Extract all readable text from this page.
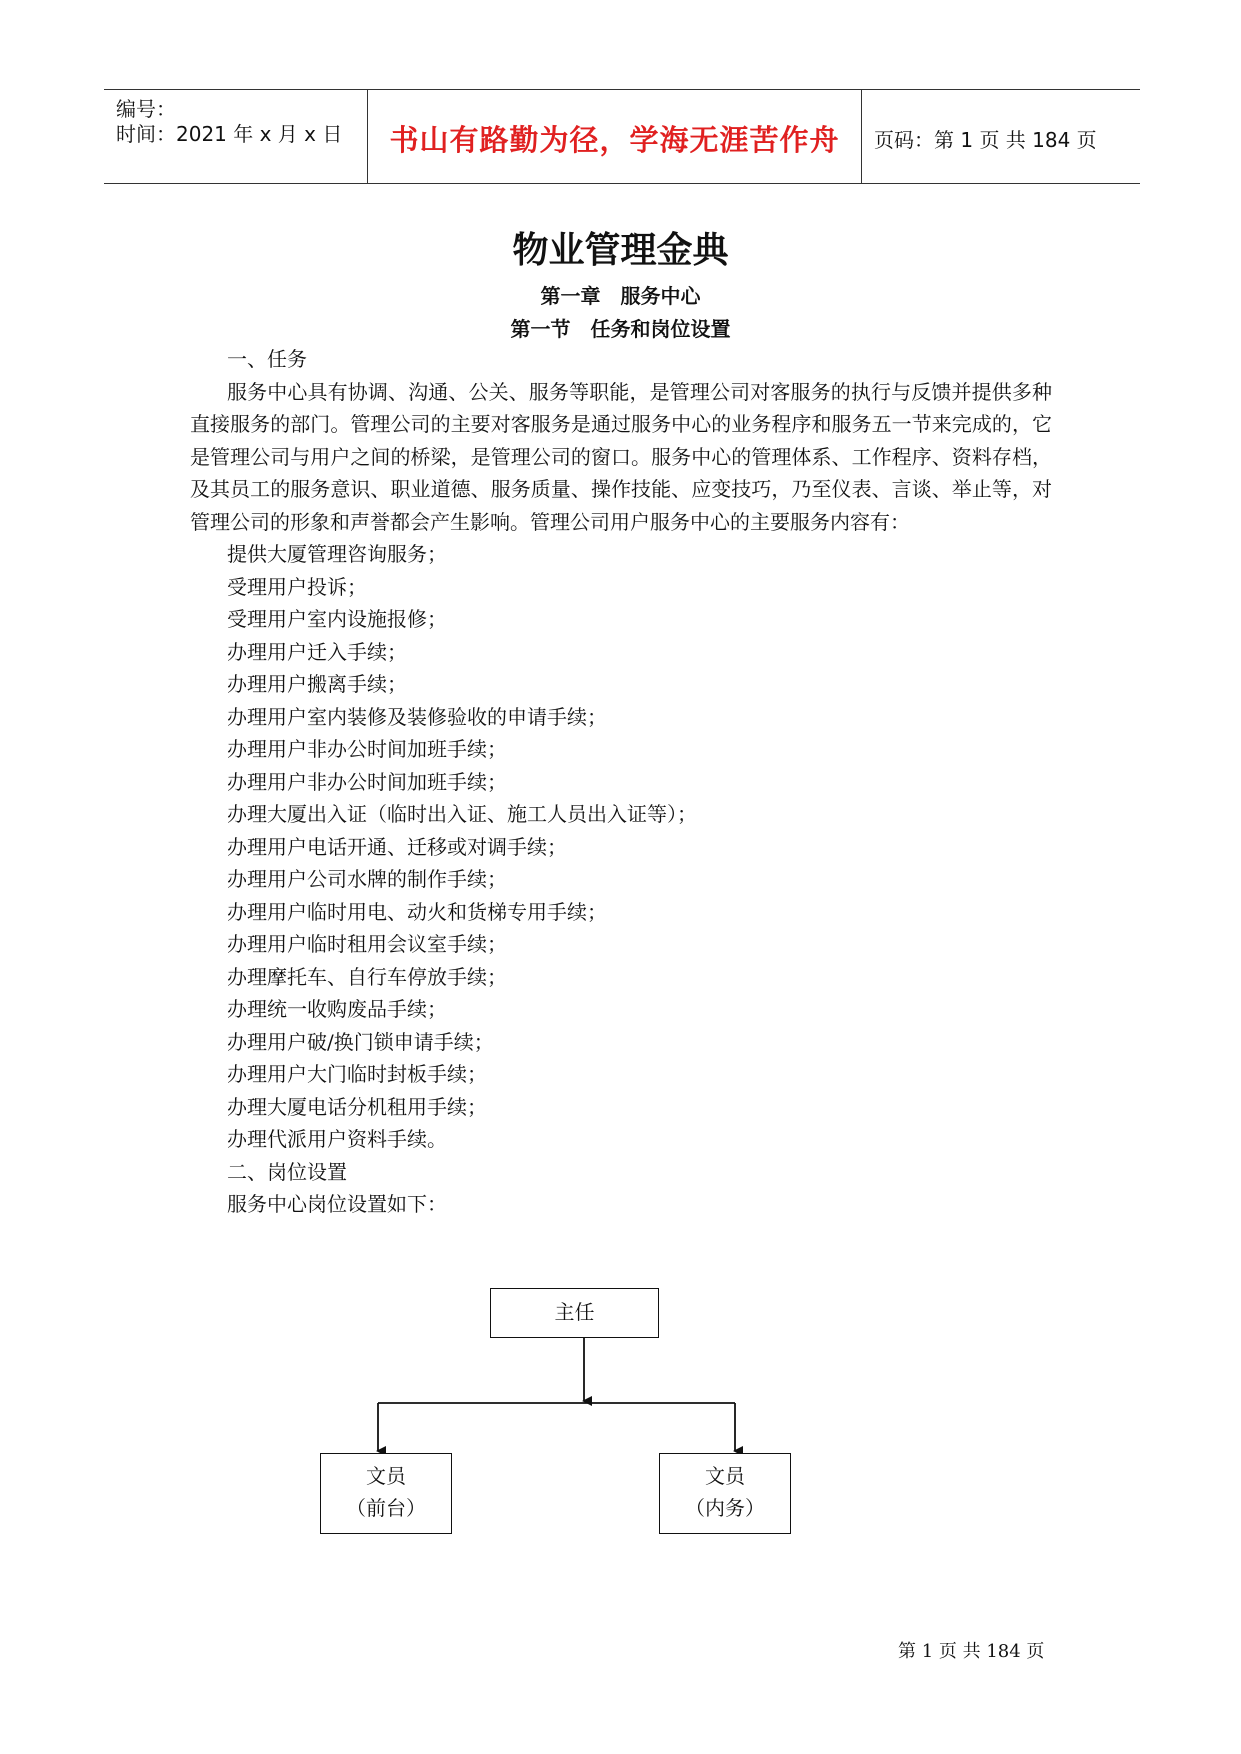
编号：
时间：2021 年 x 月 x 日	书山有路勤为径，学海无涯苦作舟	页码：第 1 页 共 184 页
物业管理金典
第一章　服务中心
第一节　任务和岗位设置

一、任务

服务中心具有协调、沟通、公关、服务等职能，是管理公司对客服务的执行与反馈并提供多种直接服务的部门。管理公司的主要对客服务是通过服务中心的业务程序和服务五一节来完成的，它是管理公司与用户之间的桥梁，是管理公司的窗口。服务中心的管理体系、工作程序、资料存档，及其员工的服务意识、职业道德、服务质量、操作技能、应变技巧，乃至仪表、言谈、举止等，对管理公司的形象和声誉都会产生影响。管理公司用户服务中心的主要服务内容有：

提供大厦管理咨询服务；

受理用户投诉；

受理用户室内设施报修；

办理用户迁入手续；

办理用户搬离手续；

办理用户室内装修及装修验收的申请手续；

办理用户非办公时间加班手续；

办理用户非办公时间加班手续；

办理大厦出入证（临时出入证、施工人员出入证等）；

办理用户电话开通、迁移或对调手续；

办理用户公司水牌的制作手续；

办理用户临时用电、动火和货梯专用手续；

办理用户临时租用会议室手续；

办理摩托车、自行车停放手续；

办理统一收购废品手续；

办理用户破/换门锁申请手续；

办理用户大门临时封板手续；

办理大厦电话分机租用手续；

办理代派用户资料手续。

二、岗位设置

服务中心岗位设置如下：

主任
文员
（前台）
文员
（内务）
第 1 页 共 184 页
